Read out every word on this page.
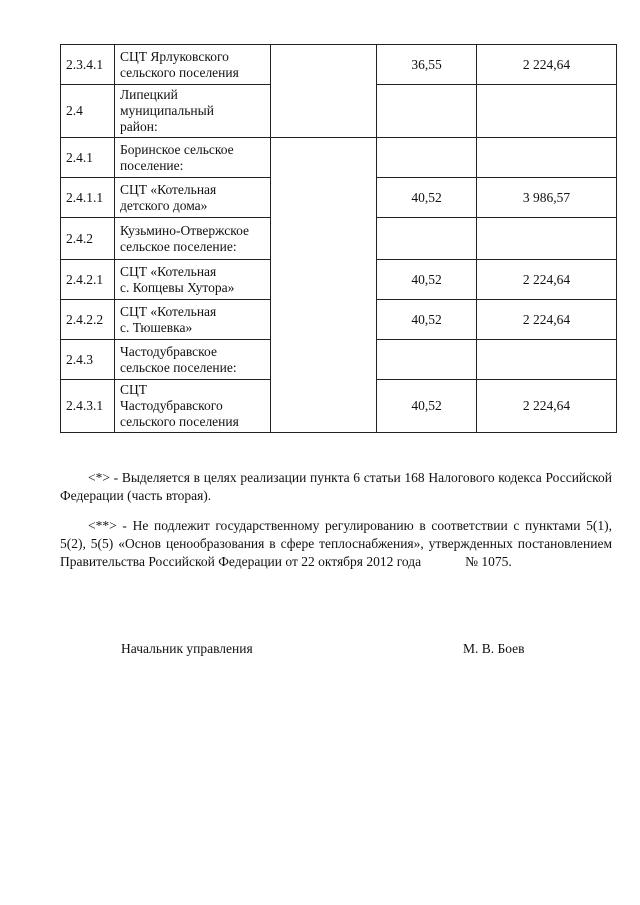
2.3.4.1	СЦТ Ярлуковского
сельского поселения		36,55	2 224,64
2.4	Липецкий
муниципальный
район:			
2.4.1	Боринское сельское
поселение:			
2.4.1.1	СЦТ «Котельная
детского дома»		40,52	3 986,57
2.4.2	Кузьмино-Отвержское
сельское поселение:			
2.4.2.1	СЦТ «Котельная
с. Копцевы Хутора»		40,52	2 224,64
2.4.2.2	СЦТ «Котельная
с. Тюшевка»		40,52	2 224,64
2.4.3	Частодубравское
сельское поселение:			
2.4.3.1	СЦТ
Частодубравского
сельского поселения		40,52	2 224,64

<*> - Выделяется в целях реализации пункта 6 статьи 168 Налогового кодекса Российской Федерации (часть вторая).

<**> - Не подлежит государственному регулированию в соответствии с пунктами 5(1), 5(2), 5(5) «Основ ценообразования в сфере теплоснабжения», утвержденных постановлением Правительства Российской Федерации от 22 октября 2012 года	№ 1075.

Начальник управления	М. В. Боев
